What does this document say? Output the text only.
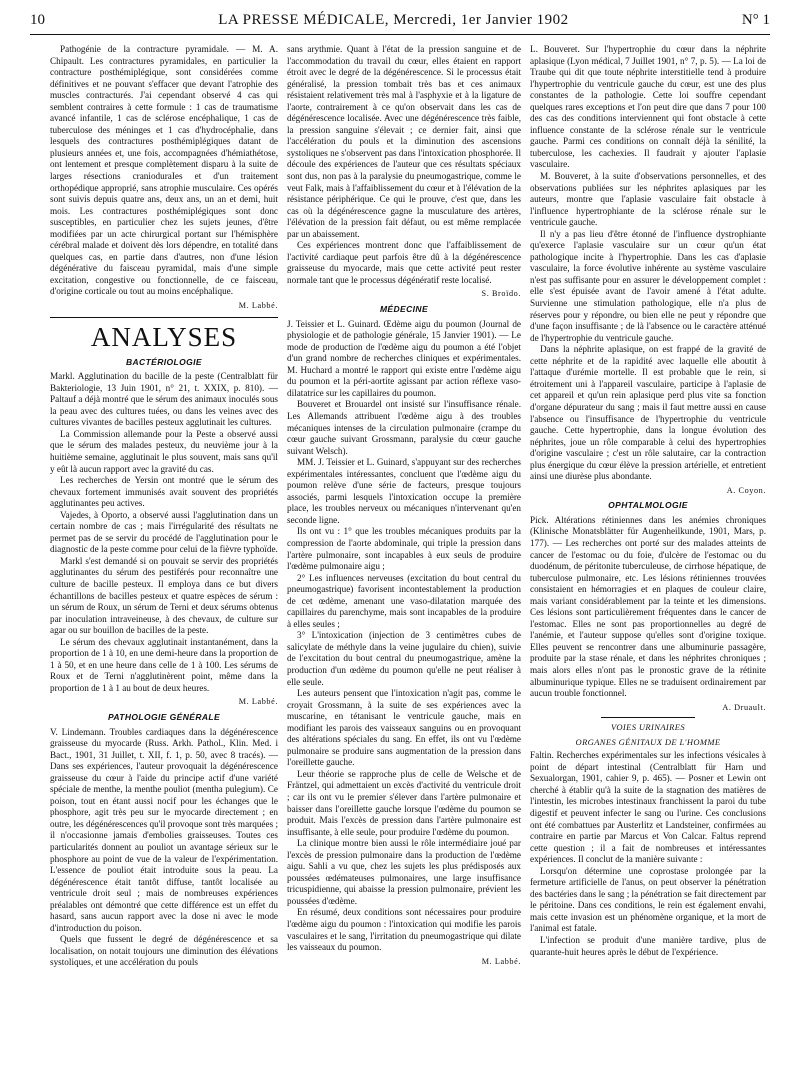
10	LA PRESSE MÉDICALE, Mercredi, 1er Janvier 1902	N° 1

Pathogénie de la contracture pyramidale. — M. A. Chipault. Les contractures pyramidales, en particulier la contracture posthémiplégique, sont considérées comme définitives et ne pouvant s'effacer que devant l'atrophie des muscles contracturés. J'ai cependant observé 4 cas qui semblent contraires à cette formule : 1 cas de traumatisme avancé infantile, 1 cas de sclérose encéphalique, 1 cas de tuberculose des méninges et 1 cas d'hydrocéphalie, dans lesquels des contractures posthémiplégiques datant de plusieurs années et, une fois, accompagnées d'hémiathétose, ont lentement et presque complètement disparu à la suite de larges résections cranioduraIes et d'un traitement orthopédique approprié, sans atrophie musculaire. Ces opérés sont suivis depuis quatre ans, deux ans, un an et demi, huit mois. Les contractures posthémiplégiques sont donc susceptibles, en particulier chez les sujets jeunes, d'être modifiées par un acte chirurgical portant sur l'hémisphère cérébral malade et doivent dès lors dépendre, en totalité dans quelques cas, en partie dans d'autres, non d'une lésion dégénérative du faisceau pyramidal, mais d'une simple excitation, congestive ou fonctionnelle, de ce faisceau, d'origine corticale ou tout au moins encéphalique.

M. Labbé.
ANALYSES
BACTÉRIOLOGIE

Markl. Agglutination du bacille de la peste (Centralblatt für Bakteriologie, 13 Juin 1901, n° 21, t. XXIX, p. 810). — Paltauf a déjà montré que le sérum des animaux inoculés sous la peau avec des cultures tuées, ou dans les veines avec des cultures vivantes de bacilles pesteux agglutinait les cultures.

La Commission allemande pour la Peste a observé aussi que le sérum des malades pesteux, du neuvième jour à la huitième semaine, agglutinait le plus souvent, mais sans qu'il y eût là aucun rapport avec la gravité du cas.

Les recherches de Yersin ont montré que le sérum des chevaux fortement immunisés avait souvent des propriétés agglutinantes peu actives.

Vajedes, à Oporto, a observé aussi l'agglutination dans un certain nombre de cas ; mais l'irrégularité des résultats ne permet pas de se servir du procédé de l'agglutination pour le diagnostic de la peste comme pour celui de la fièvre typhoïde.

Markl s'est demandé si on pouvait se servir des propriétés agglutinantes du sérum des pestiférés pour reconnaître une culture de bacille pesteux. Il employa dans ce but divers échantillons de bacilles pesteux et quatre espèces de sérum : un sérum de Roux, un sérum de Terni et deux sérums obtenus par inoculation intraveineuse, à des chevaux, de culture sur agar ou sur bouillon de bacilles de la peste.

Le sérum des chevaux agglutinait instantanément, dans la proportion de 1 à 10, en une demi-heure dans la proportion de 1 à 50, et en une heure dans celle de 1 à 100. Les sérums de Roux et de Terni n'agglutinèrent point, même dans la proportion de 1 à 1 au bout de deux heures.

M. Labbé.
PATHOLOGIE GÉNÉRALE

V. Lindemann. Troubles cardiaques dans la dégénérescence graisseuse du myocarde (Russ. Arkh. Pathol., Klin. Med. i Bact., 1901, 31 Juillet, t. XII, f. 1, p. 50, avec 8 tracés). — Dans ses expériences, l'auteur provoquait la dégénérescence graisseuse du cœur à l'aide du principe actif d'une variété spéciale de menthe, la menthe pouliot (mentha pulegium). Ce poison, tout en étant aussi nocif pour les échanges que le phosphore, agit très peu sur le myocarde directement ; en outre, les dégénérescences qu'il provoque sont très marquées ; il n'occasionne jamais d'embolies graisseuses. Toutes ces particularités donnent au pouliot un avantage sérieux sur le phosphore au point de vue de la valeur de l'expérimentation. L'essence de pouliot était introduite sous la peau. La dégénérescence était tantôt diffuse, tantôt localisée au ventricule droit seul ; mais de nombreuses expériences préalables ont démontré que cette différence est un effet du hasard, sans aucun rapport avec la dose ni avec le mode d'introduction du poison.

Quels que fussent le degré de dégénérescence et sa localisation, on notait toujours une diminution des élévations systoliques, et une accélération du pouls

sans arythmie. Quant à l'état de la pression sanguine et de l'accommodation du travail du cœur, elles étaient en rapport étroit avec le degré de la dégénérescence. Si le processus était généralisé, la pression tombait très bas et ces animaux résistaient relativement très mal à l'asphyxie et à la ligature de l'aorte, contrairement à ce qu'on observait dans les cas de dégénérescence localisée. Avec une dégénérescence très faible, la pression sanguine s'élevait ; ce dernier fait, ainsi que l'accélération du pouls et la diminution des ascensions systoliques ne s'observent pas dans l'intoxication phosphorée. Il découle des expériences de l'auteur que ces résultats spéciaux sont dus, non pas à la paralysie du pneumogastrique, comme le veut Falk, mais à l'affaiblissement du cœur et à l'élévation de la résistance périphérique. Ce qui le prouve, c'est que, dans les cas où la dégénérescence gagne la musculature des artères, l'élévation de la pression fait défaut, ou est même remplacée par un abaissement.

Ces expériences montrent donc que l'affaiblissement de l'activité cardiaque peut parfois être dû à la dégénérescence graisseuse du myocarde, mais que cette activité peut rester normale tant que le processus dégénératif reste localisé.

S. Broïdo.
MÉDECINE

J. Teissier et L. Guinard. Œdème aigu du poumon (Journal de physiologie et de pathologie générale, 15 Janvier 1901). — Le mode de production de l'œdème aigu du poumon a été l'objet d'un grand nombre de recherches cliniques et expérimentales. M. Huchard a montré le rapport qui existe entre l'œdème aigu du poumon et la péri-aortite agissant par action réflexe vaso-dilatatrice sur les capillaires du poumon.

Bouveret et Brouardel ont insisté sur l'insuffisance rénale. Les Allemands attribuent l'œdème aigu à des troubles mécaniques intenses de la circulation pulmonaire (crampe du cœur gauche suivant Grossmann, paralysie du cœur gauche suivant Welsch).

MM. J. Teissier et L. Guinard, s'appuyant sur des recherches expérimentales intéressantes, concluent que l'œdème aigu du poumon relève d'une série de facteurs, presque toujours associés, parmi lesquels l'intoxication occupe la première place, les troubles nerveux ou mécaniques n'intervenant qu'en seconde ligne.

Ils ont vu : 1° que les troubles mécaniques produits par la compression de l'aorte abdominale, qui triple la pression dans l'artère pulmonaire, sont incapables à eux seuls de produire l'œdème pulmonaire aigu ;

2° Les influences nerveuses (excitation du bout central du pneumogastrique) favorisent incontestablement la production de cet œdème, amenant une vaso-dilatation marquée des capillaires du parenchyme, mais sont incapables de la produire à elles seules ;

3° L'intoxication (injection de 3 centimètres cubes de salicylate de méthyle dans la veine jugulaire du chien), suivie de l'excitation du bout central du pneumogastrique, amène la production d'un œdème du poumon qu'elle ne peut réaliser à elle seule.

Les auteurs pensent que l'intoxication n'agit pas, comme le croyait Grossmann, à la suite de ses expériences avec la muscarine, en tétanisant le ventricule gauche, mais en modifiant les parois des vaisseaux sanguins ou en provoquant des altérations spéciales du sang. En effet, ils ont vu l'œdème pulmonaire se produire sans augmentation de la pression dans l'oreillette gauche.

Leur théorie se rapproche plus de celle de Welsche et de Fräntzel, qui admettaient un excès d'activité du ventricule droit ; car ils ont vu le premier s'élever dans l'artère pulmonaire et baisser dans l'oreillette gauche lorsque l'œdème du poumon se produit. Mais l'excès de pression dans l'artère pulmonaire est insuffisante, à elle seule, pour produire l'œdème du poumon.

La clinique montre bien aussi le rôle intermédiaire joué par l'excès de pression pulmonaire dans la production de l'œdème aigu. Sahli a vu que, chez les sujets les plus prédisposés aux poussées œdémateuses pulmonaires, une large insuffisance tricuspidienne, qui abaisse la pression pulmonaire, prévient les poussées d'œdème.

En résumé, deux conditions sont nécessaires pour produire l'œdème aigu du poumon : l'intoxication qui modifie les parois vasculaires et le sang, l'irritation du pneumogastrique qui dilate les vaisseaux du poumon.

M. Labbé.

L. Bouveret. Sur l'hypertrophie du cœur dans la néphrite aplasique (Lyon médical, 7 Juillet 1901, n° 7, p. 5). — La loi de Traube qui dit que toute néphrite interstitielle tend à produire l'hypertrophie du ventricule gauche du cœur, est une des plus constantes de la pathologie. Cette loi souffre cependant quelques rares exceptions et l'on peut dire que dans 7 pour 100 des cas des conditions interviennent qui font obstacle à cette influence constante de la sclérose rénale sur le ventricule gauche. Parmi ces conditions on connaît déjà la sénilité, la tuberculose, les cachexies. Il faudrait y ajouter l'aplasie vasculaire.

M. Bouveret, à la suite d'observations personnelles, et des observations publiées sur les néphrites aplasiques par les auteurs, montre que l'aplasie vasculaire fait obstacle à l'influence hypertrophiante de la sclérose rénale sur le ventricule gauche.

Il n'y a pas lieu d'être étonné de l'influence dystrophiante qu'exerce l'aplasie vasculaire sur un cœur qu'un état pathologique incite à l'hypertrophie. Dans les cas d'aplasie vasculaire, la force évolutive inhérente au système vasculaire n'est pas suffisante pour en assurer le développement complet : elle s'est épuisée avant de l'avoir amené à l'état adulte. Survienne une stimulation pathologique, elle n'a plus de réserves pour y répondre, ou bien elle ne peut y répondre que d'une façon insuffisante ; de là l'absence ou le caractère atténué de l'hypertrophie du ventricule gauche.

Dans la néphrite aplasique, on est frappé de la gravité de cette néphrite et de la rapidité avec laquelle elle aboutit à l'attaque d'urémie mortelle. Il est probable que le rein, si étroitement uni à l'appareil vasculaire, participe à l'aplasie de cet appareil et qu'un rein aplasique perd plus vite sa fonction d'organe dépurateur du sang ; mais il faut mettre aussi en cause l'absence ou l'insuffisance de l'hypertrophie du ventricule gauche. Cette hypertrophie, dans la longue évolution des néphrites, joue un rôle comparable à celui des hypertrophies d'origine vasculaire ; c'est un rôle salutaire, car la contraction plus énergique du cœur élève la pression artérielle, et entretient ainsi une diurèse plus abondante.

A. Coyon.
OPHTALMOLOGIE

Pick. Altérations rétiniennes dans les anémies chroniques (Klinische Monatsblätter für Augenheilkunde, 1901, Mars, p. 177). — Les recherches ont porté sur des malades atteints de cancer de l'estomac ou du foie, d'ulcère de l'estomac ou du duodénum, de péritonite tuberculeuse, de cirrhose hépatique, de tuberculose pulmonaire, etc. Les lésions rétiniennes trouvées consistaient en hémorragies et en plaques de couleur claire, mais variant considérablement par la teinte et les dimensions. Ces lésions sont particulièrement fréquentes dans le cancer de l'estomac. Elles ne sont pas proportionnelles au degré de l'anémie, et l'auteur suppose qu'elles sont d'origine toxique. Elles peuvent se rencontrer dans une albuminurie passagère, produite par la stase rénale, et dans les néphrites chroniques ; mais alors elles n'ont pas le pronostic grave de la rétinite albuminurique typique. Elles ne se traduisent ordinairement par aucun trouble fonctionnel.

A. Druault.
VOIES URINAIRES
ORGANES GÉNITAUX DE L'HOMME

Faltin. Recherches expérimentales sur les infections vésicales à point de départ intestinal (Centralblatt für Harn und Sexualorgan, 1901, cahier 9, p. 465). — Posner et Lewin ont cherché à établir qu'à la suite de la stagnation des matières de l'intestin, les microbes intestinaux franchissent la paroi du tube digestif et peuvent infecter le sang ou l'urine. Ces conclusions ont été combattues par Austerlitz et Landsteiner, confirmées au contraire en partie par Marcus et Von Calcar. Faltus reprend cette question ; il a fait de nombreuses et intéressantes expériences. Il conclut de la manière suivante :

Lorsqu'on détermine une coprostase prolongée par la fermeture artificielle de l'anus, on peut observer la pénétration des bactéries dans le sang ; la pénétration se fait directement par le péritoine. Dans ces conditions, le rein est également envahi, mais cette invasion est un phénomène organique, et la mort de l'animal est fatale.

L'infection se produit d'une manière tardive, plus de quarante-huit heures après le début de l'expérience.
